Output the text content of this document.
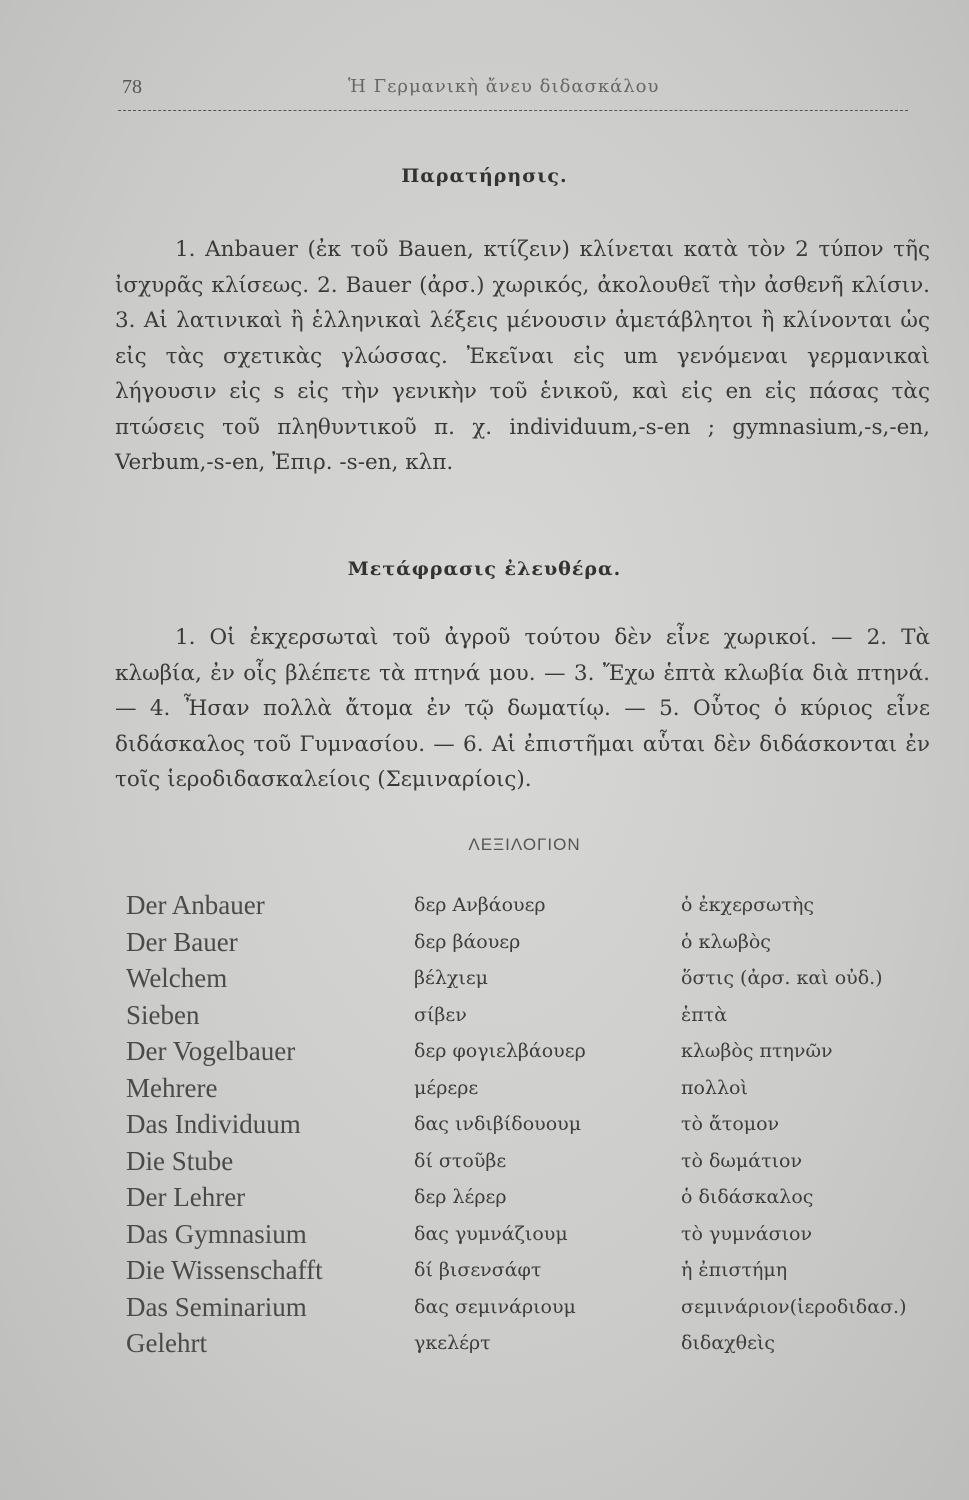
78	Ἡ Γερμανικὴ ἄνευ διδασκάλου
Παρατήρησις.

1. Anbauer (ἐκ τοῦ Bauen, κτίζειν) κλίνεται κατὰ τὸν 2 τύπον τῆς ἰσχυρᾶς κλίσεως. 2. Bauer (ἀρσ.) χωρικός, ἀκολουθεῖ τὴν ἀσθενῆ κλίσιν. 3. Αἱ λατινικαὶ ἢ ἑλληνικαὶ λέξεις μένουσιν ἀμετάβλητοι ἢ κλίνονται ὡς εἰς τὰς σχετικὰς γλώσσας. Ἐκεῖναι εἰς um γενόμεναι γερμανικαὶ λήγουσιν εἰς s εἰς τὴν γενικὴν τοῦ ἑνικοῦ, καὶ εἰς en εἰς πάσας τὰς πτώσεις τοῦ πληθυντικοῦ π. χ. individuum,-s-en ; gymnasium,-s,-en, Verbum,-s-en, Ἐπιρ. -s-en, κλπ.

Μετάφρασις ἐλευθέρα.

1. Οἱ ἐκχερσωταὶ τοῦ ἀγροῦ τούτου δὲν εἶνε χωρικοί. — 2. Τὰ κλωβία, ἐν οἷς βλέπετε τὰ πτηνά μου. — 3. Ἔχω ἑπτὰ κλωβία διὰ πτηνά. — 4. Ἦσαν πολλὰ ἄτομα ἐν τῷ δωματίῳ. — 5. Οὗτος ὁ κύριος εἶνε διδάσκαλος τοῦ Γυμνασίου. — 6. Αἱ ἐπιστῆμαι αὗται δὲν διδάσκονται ἐν τοῖς ἱεροδιδασκαλείοις (Σεμιναρίοις).

ΛΕΞΙΛΟΓΙΟΝ
Der Anbauer	δερ Ανβάουερ	ὁ ἐκχερσωτὴς
Der Bauer	δερ βάουερ	ὁ κλωβὸς
Welchem	βέλχιεμ	ὅστις (ἀρσ. καὶ οὐδ.)
Sieben	σίβεν	ἑπτὰ
Der Vogelbauer	δερ φογιελβάουερ	κλωβὸς πτηνῶν
Mehrere	μέρερε	πολλοὶ
Das Individuum	δας ινδιβίδουουμ	τὸ ἄτομον
Die Stube	δί στοῦβε	τὸ δωμάτιον
Der Lehrer	δερ λέρερ	ὁ διδάσκαλος
Das Gymnasium	δας γυμνάζιουμ	τὸ γυμνάσιον
Die Wissenschafft	δί βισενσάφτ	ἡ ἐπιστήμη
Das Seminarium	δας σεμινάριουμ	σεμινάριον(ἱεροδιδασ.)
Gelehrt	γκελέρτ	διδαχθεὶς
